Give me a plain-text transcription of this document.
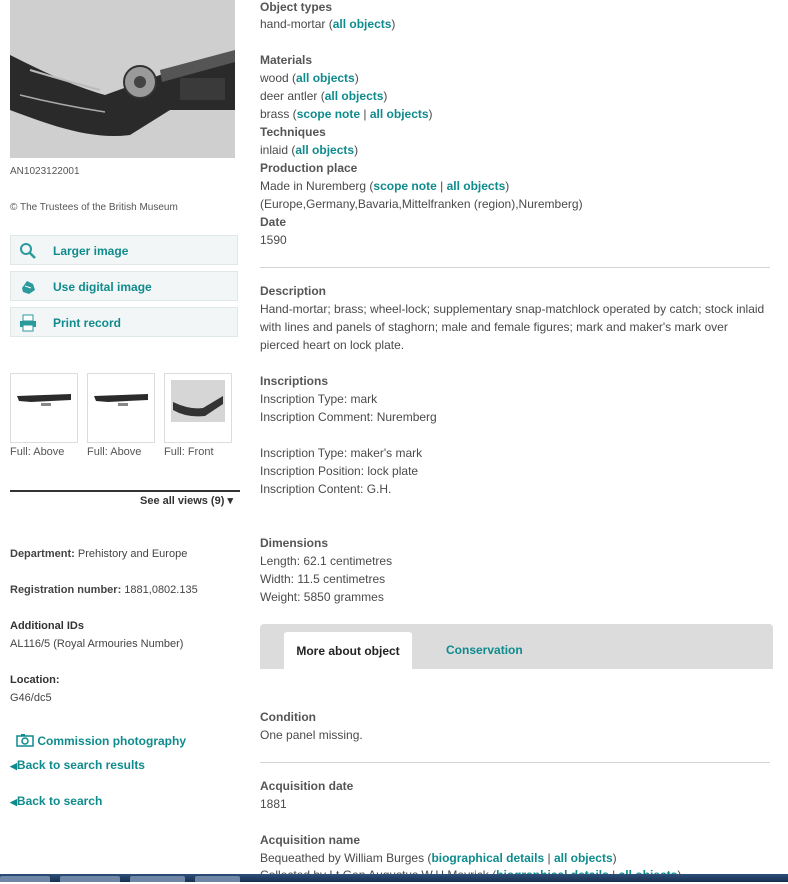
AN1023122001
© The Trustees of the British Museum
Larger image
Use digital image
Print record
Full: Above Full: Above Full: Front
See all views (9) ▾
Department: Prehistory and Europe
Registration number: 1881,0802.135
Additional IDs
AL116/5 (Royal Armouries Number)
Location:
G46/dc5
Commission photography
◀Back to search results
◀Back to search
Object types
hand-mortar (all objects)
Materials
wood (all objects)
deer antler (all objects)
brass (scope note | all objects)
Techniques
inlaid (all objects)
Production place
Made in Nuremberg (scope note | all objects)
(Europe,Germany,Bavaria,Mittelfranken (region),Nuremberg)
Date
1590
Description
Hand-mortar; brass; wheel-lock; supplementary snap-matchlock operated by catch; stock inlaid with lines and panels of staghorn; male and female figures; mark and maker's mark over pierced heart on lock plate.
Inscriptions
Inscription Type: mark
Inscription Comment: Nuremberg
Inscription Type: maker's mark
Inscription Position: lock plate
Inscription Content: G.H.
Dimensions
Length: 62.1 centimetres
Width: 11.5 centimetres
Weight: 5850 grammes
More about object	Conservation
Condition
One panel missing.
Acquisition date
1881
Acquisition name
Bequeathed by William Burges (biographical details | all objects)
